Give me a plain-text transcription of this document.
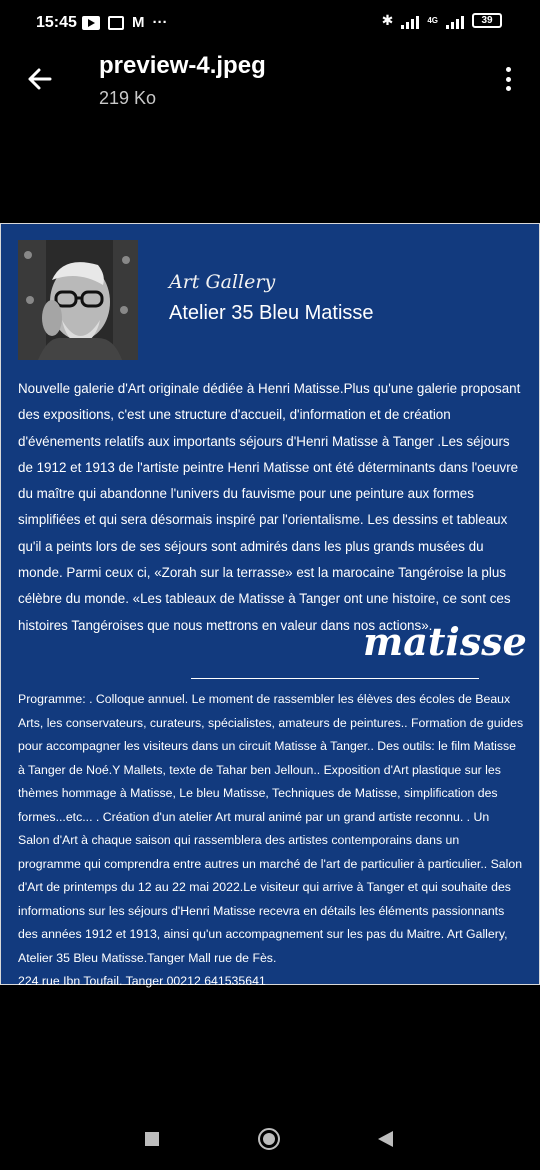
15:45	M ···	✱	4G	39
preview-4.jpeg
219 Ko
Art Gallery
Atelier 35 Bleu Matisse
Nouvelle galerie d'Art originale dédiée à Henri Matisse.Plus qu'une galerie proposant des expositions, c'est une structure d'accueil, d'information et de création d'événements relatifs aux importants séjours d'Henri Matisse à Tanger .Les séjours de 1912 et 1913 de l'artiste peintre Henri Matisse ont été déterminants dans l'oeuvre du maître qui abandonne l'univers du fauvisme pour une peinture aux formes simplifiées et qui sera désormais inspiré par l'orientalisme. Les dessins et tableaux qu'il a peints lors de ses séjours sont admirés dans les plus grands musées du monde. Parmi ceux ci, «Zorah sur la terrasse» est la marocaine Tangéroise la plus célèbre du monde. «Les tableaux de Matisse à Tanger ont une histoire, ce sont ces histoires Tangéroises que nous mettrons en valeur dans nos actions».
matisse
Programme: . Colloque annuel. Le moment de rassembler les élèves des écoles de Beaux Arts, les conservateurs, curateurs, spécialistes, amateurs de peintures.. Formation de guides pour accompagner les visiteurs dans un circuit Matisse à Tanger.. Des outils: le film Matisse à Tanger de Noé.Y Mallets, texte de Tahar ben Jelloun.. Exposition d'Art plastique sur les thèmes hommage à Matisse, Le bleu Matisse, Techniques de Matisse, simplification des formes...etc... . Création d'un atelier Art mural animé par un grand artiste reconnu. . Un Salon d'Art à chaque saison qui rassemblera des artistes contemporains dans un programme qui comprendra entre autres un marché de l'art de particulier à particulier.. Salon d'Art de printemps du 12 au 22 mai 2022.Le visiteur qui arrive à Tanger et qui souhaite des informations sur les séjours d'Henri Matisse recevra en détails les éléments passionnants des années 1912 et 1913, ainsi qu'un accompagnement sur les pas du Maitre. Art Gallery, Atelier 35 Bleu Matisse.Tanger Mall rue de Fès.
224 rue Ibn Toufail. Tanger 00212 641535641
